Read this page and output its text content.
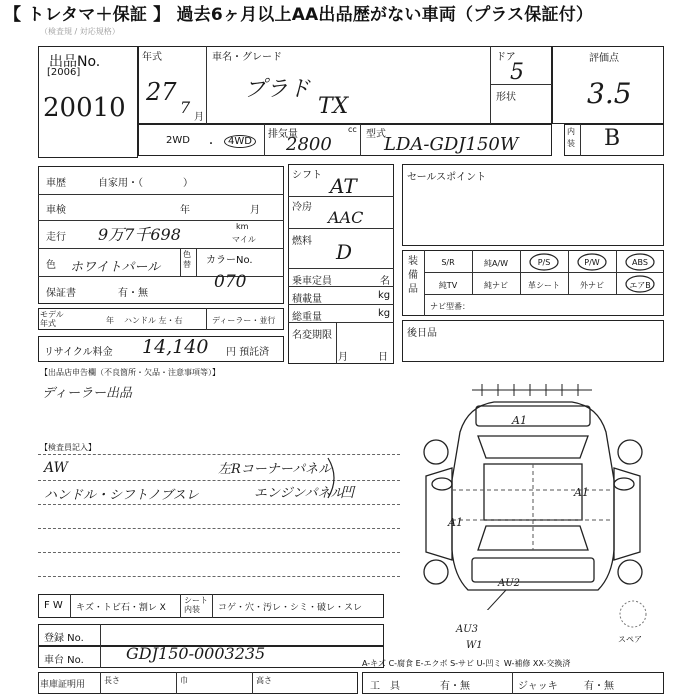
【 トレタマ＋保証 】 過去6ヶ月以上AA出品歴がない車両（プラス保証付）
（検査規 / 対応規格）
出品No.
[2006]
20010
年式
27
7
月
車名・グレード
プラド
TX
ドア
5
形状
評価点
3.5
2WD ・	4WD
排気量	cc
2800	型式
LDA-GDJ150W
内装 B
車歴	自家用・（　　　　）
車検	年	月
走行 9万7千698	km
マイル
色 ホワイトパール
色替 カラーNo.
070
保証書	有・無
モデル年式	年 ハンドル 左・右	ディーラー・並行
リサイクル料金 14,140 円 預託済
シフト AT
冷房
AAC
燃料 D
乗車定員	名
積載量	kg
総重量	kg
名変期限
月	日
セールスポイント
装備品
S/R	純A/W	P/S	P/W	ABS
純TV	純ナビ	革シート	外ナビ	エアB
ナビ型番：
後日品
【出品店申告欄（不良箇所・欠品・注意事項等）】
ディーラー出品
【検査員記入】
AW
ハンドル・シフトノブスレ
左Rコーナーパネル
エンジンパネル
凹
A1
A1
A1
AU2
AU3
W1
スペア
F W キズ・トビ石・割レ X
シート内装	コゲ・穴・汚レ・シミ・破レ・スレ
登録 No.
車台 No.	GDJ150-0003235
A-キズ C-腐食 E-エクボ S-サビ U-凹ミ W-補修 XX-交換済
車庫証明用 長さ	巾	高さ
工　具	有・無	ジャッキ	有・無
